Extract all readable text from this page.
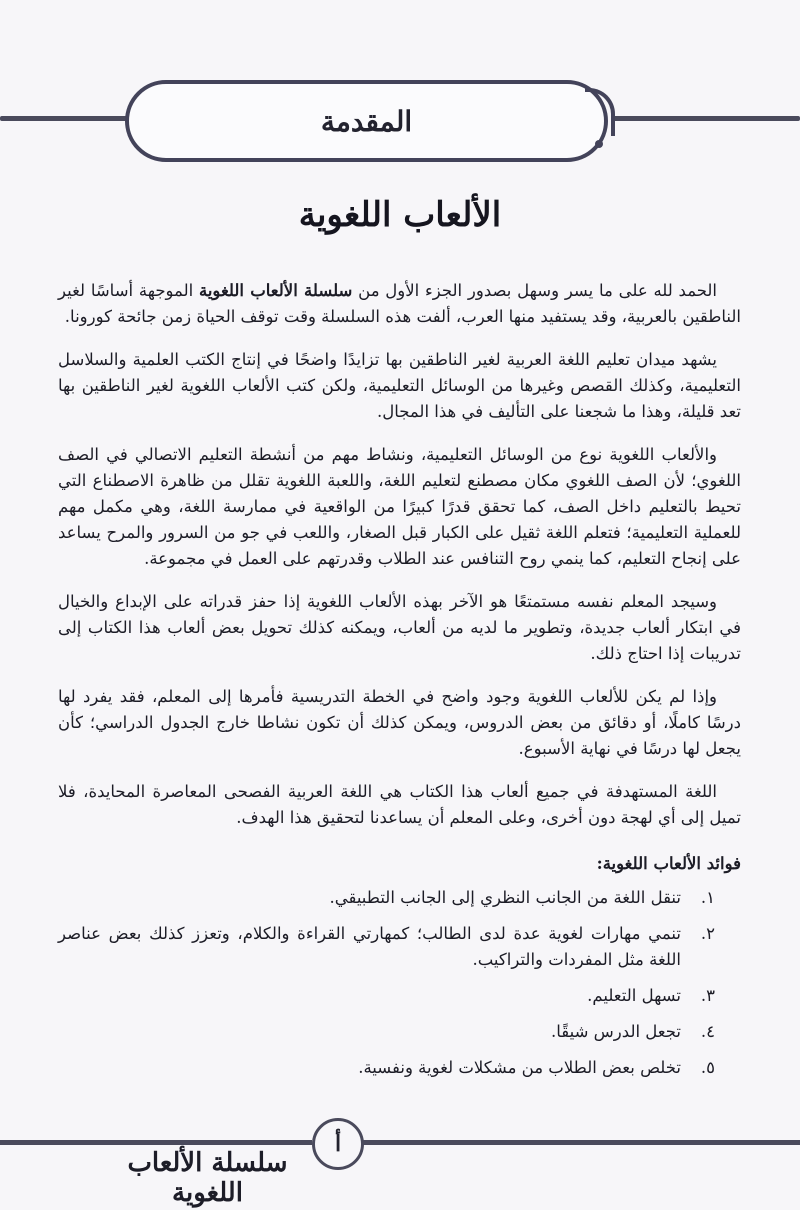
المقدمة
الألعاب اللغوية

الحمد لله على ما يسر وسهل بصدور الجزء الأول من سلسلة الألعاب اللغوية الموجهة أساسًا لغير الناطقين بالعربية، وقد يستفيد منها العرب، ألفت هذه السلسلة وقت توقف الحياة زمن جائحة كورونا.

يشهد ميدان تعليم اللغة العربية لغير الناطقين بها تزايدًا واضحًا في إنتاج الكتب العلمية والسلاسل التعليمية، وكذلك القصص وغيرها من الوسائل التعليمية، ولكن كتب الألعاب اللغوية لغير الناطقين بها تعد قليلة، وهذا ما شجعنا على التأليف في هذا المجال.

والألعاب اللغوية نوع من الوسائل التعليمية، ونشاط مهم من أنشطة التعليم الاتصالي في الصف اللغوي؛ لأن الصف اللغوي مكان مصطنع لتعليم اللغة، واللعبة اللغوية تقلل من ظاهرة الاصطناع التي تحيط بالتعليم داخل الصف، كما تحقق قدرًا كبيرًا من الواقعية في ممارسة اللغة، وهي مكمل مهم للعملية التعليمية؛ فتعلم اللغة ثقيل على الكبار قبل الصغار، واللعب في جو من السرور والمرح يساعد على إنجاح التعليم، كما ينمي روح التنافس عند الطلاب وقدرتهم على العمل في مجموعة.

وسيجد المعلم نفسه مستمتعًا هو الآخر بهذه الألعاب اللغوية إذا حفز قدراته على الإبداع والخيال في ابتكار ألعاب جديدة، وتطوير ما لديه من ألعاب، ويمكنه كذلك تحويل بعض ألعاب هذا الكتاب إلى تدريبات إذا احتاج ذلك.

وإذا لم يكن للألعاب اللغوية وجود واضح في الخطة التدريسية فأمرها إلى المعلم، فقد يفرد لها درسًا كاملًا، أو دقائق من بعض الدروس، ويمكن كذلك أن تكون نشاطا خارج الجدول الدراسي؛ كأن يجعل لها درسًا في نهاية الأسبوع.

اللغة المستهدفة في جميع ألعاب هذا الكتاب هي اللغة العربية الفصحى المعاصرة المحايدة، فلا تميل إلى أي لهجة دون أخرى، وعلى المعلم أن يساعدنا لتحقيق هذا الهدف.

فوائد الألعاب اللغوية:
١.
تنقل اللغة من الجانب النظري إلى الجانب التطبيقي.
٢.
تنمي مهارات لغوية عدة لدى الطالب؛ كمهارتي القراءة والكلام، وتعزز كذلك بعض عناصر اللغة مثل المفردات والتراكيب.
٣.
تسهل التعليم.
٤.
تجعل الدرس شيقًا.
٥.
تخلص بعض الطلاب من مشكلات لغوية ونفسية.
سلسلة الألعاب اللغوية
أ
